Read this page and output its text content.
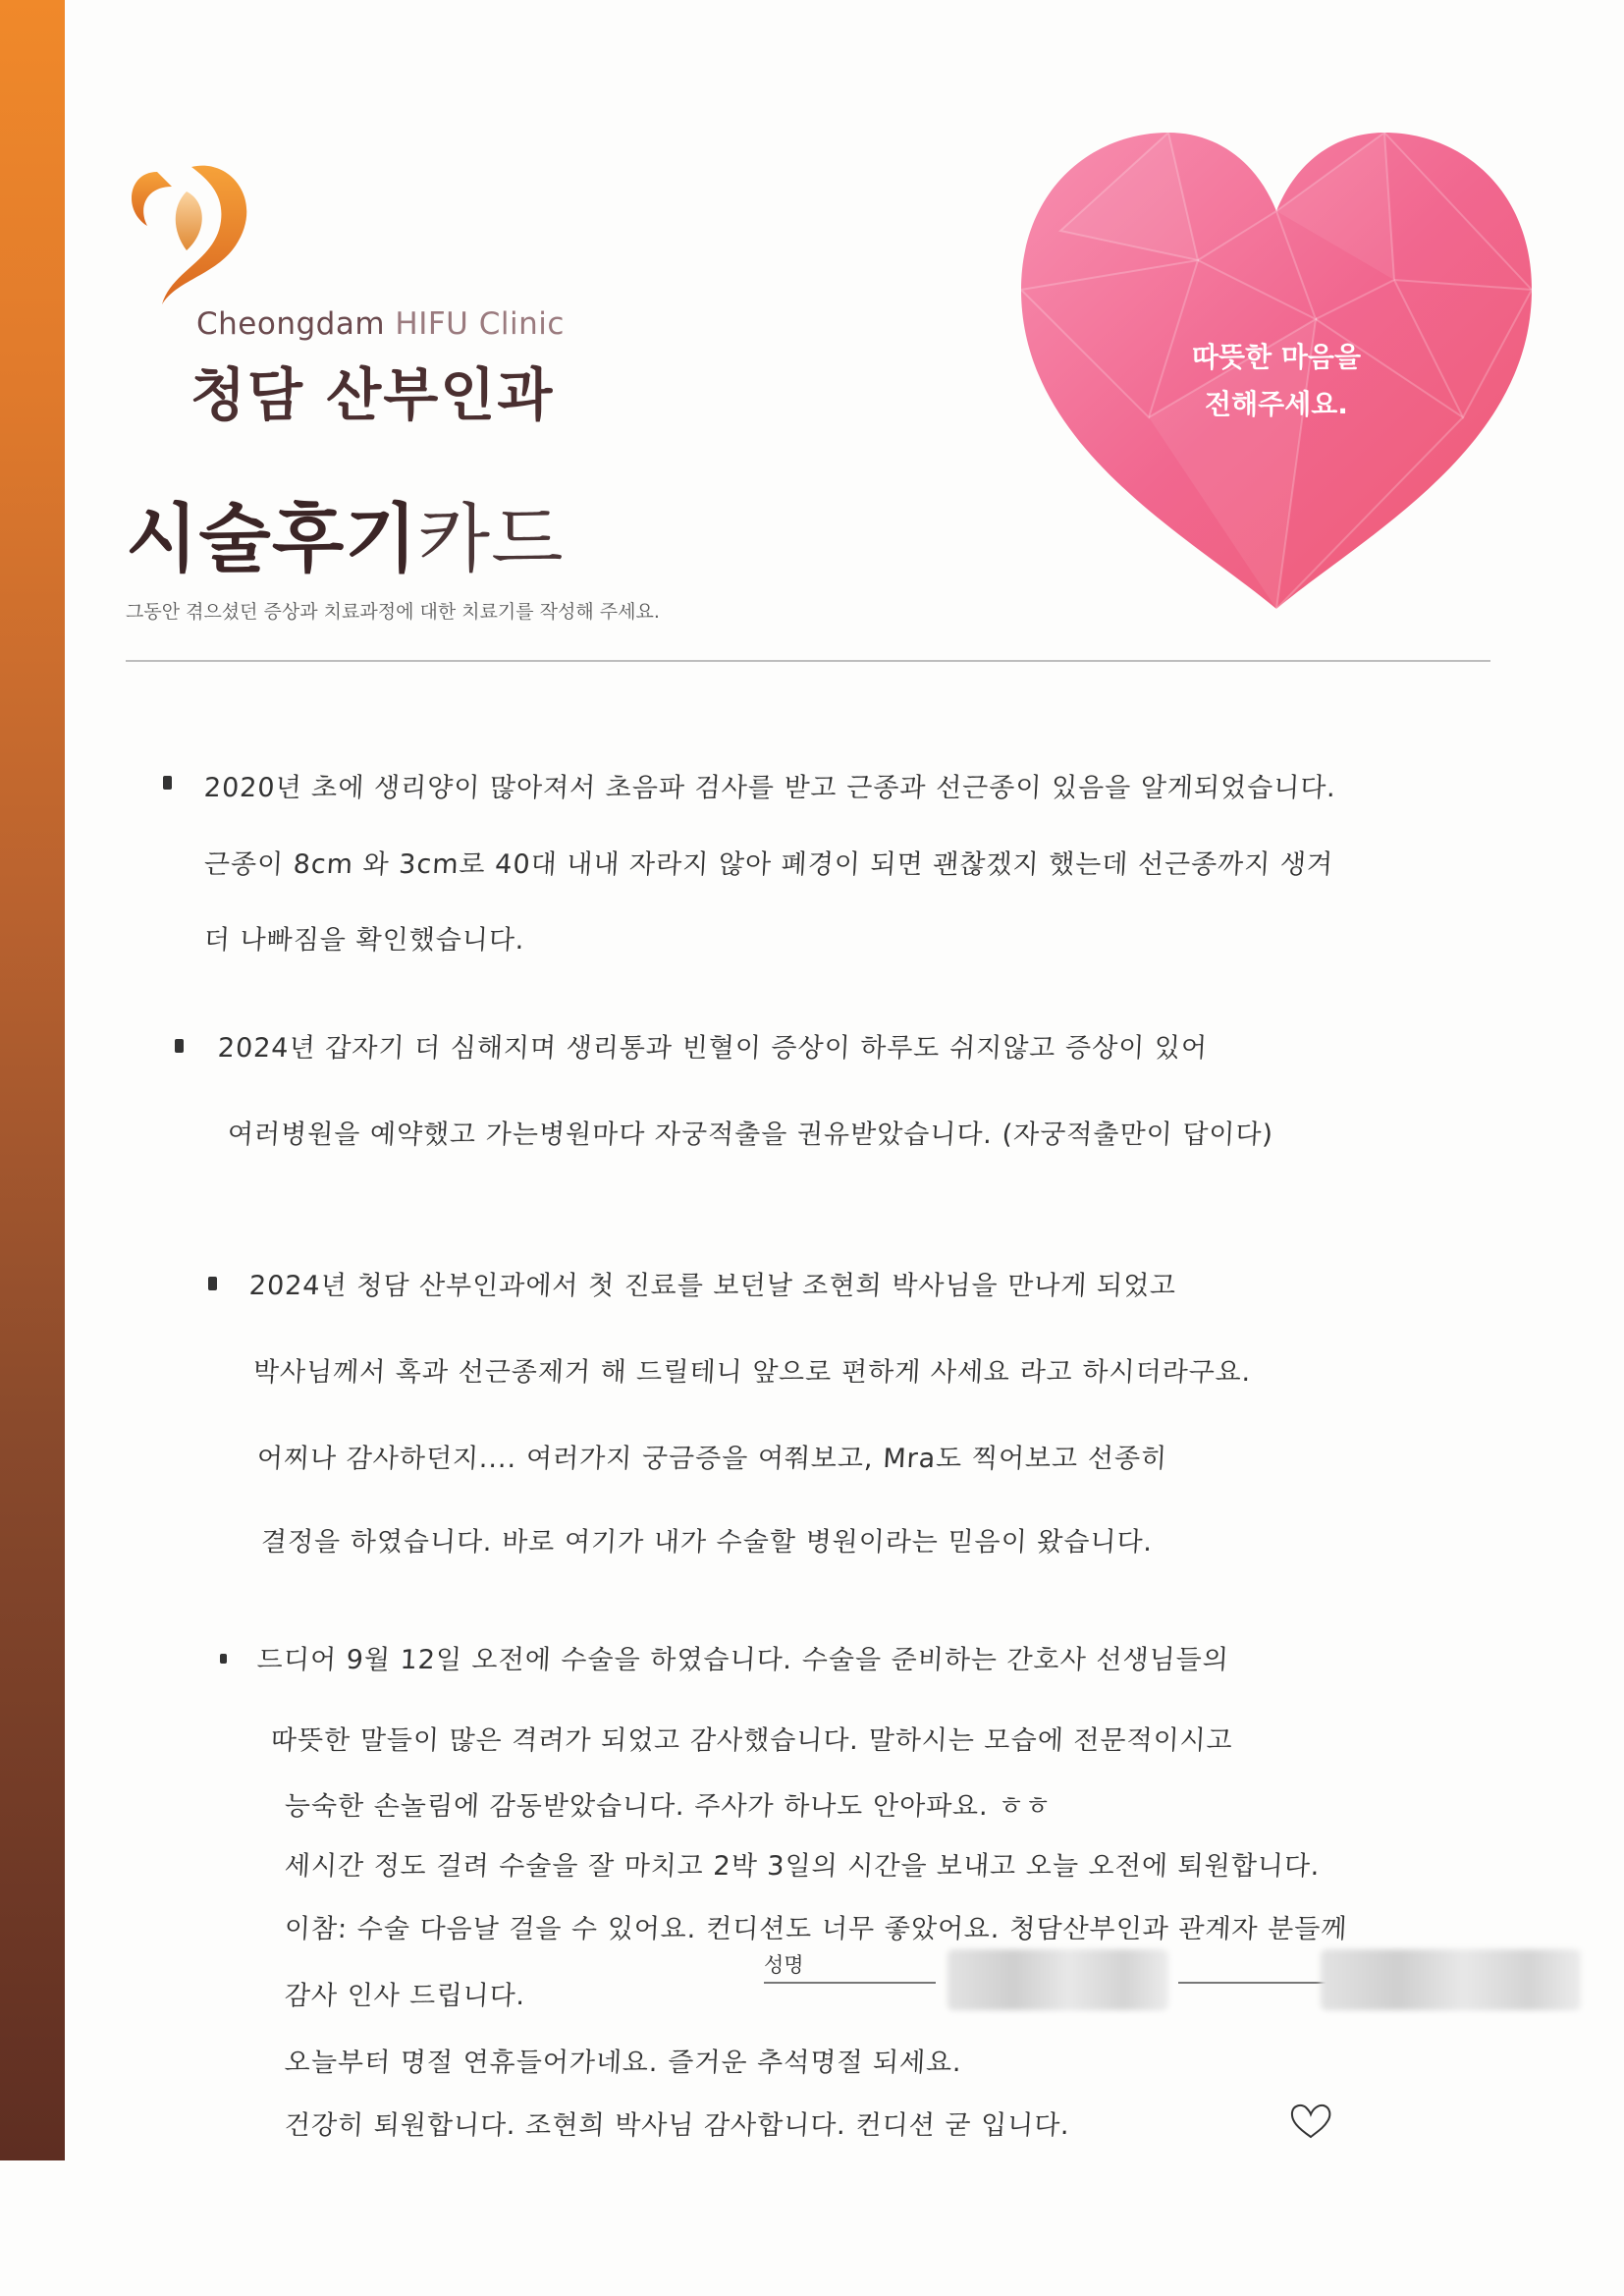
Cheongdam HIFU Clinic
청담 산부인과
시술후기카드
그동안 겪으셨던 증상과 치료과정에 대한 치료기를 작성해 주세요.
따뜻한 마음을
전해주세요.
2020년 초에 생리양이 많아져서 초음파 검사를 받고 근종과 선근종이 있음을 알게되었습니다.
근종이 8cm 와 3cm로 40대 내내 자라지 않아 폐경이 되면 괜찮겠지 했는데 선근종까지 생겨
더 나빠짐을 확인했습니다.
2024년 갑자기 더 심해지며 생리통과 빈혈이 증상이 하루도 쉬지않고 증상이 있어
여러병원을 예약했고 가는병원마다 자궁적출을 권유받았습니다. (자궁적출만이 답이다)
2024년 청담 산부인과에서 첫 진료를 보던날 조현희 박사님을 만나게 되었고
박사님께서 혹과 선근종제거 해 드릴테니 앞으로 편하게 사세요 라고 하시더라구요.
어찌나 감사하던지.... 여러가지 궁금증을 여쭤보고, Mra도 찍어보고 선종히
결정을 하였습니다. 바로 여기가 내가 수술할 병원이라는 믿음이 왔습니다.
드디어 9월 12일 오전에 수술을 하였습니다. 수술을 준비하는 간호사 선생님들의
따뜻한 말들이 많은 격려가 되었고 감사했습니다. 말하시는 모습에 전문적이시고
능숙한 손놀림에 감동받았습니다. 주사가 하나도 안아파요. ㅎㅎ
세시간 정도 걸려 수술을 잘 마치고 2박 3일의 시간을 보내고 오늘 오전에 퇴원합니다.
이참: 수술 다음날 걸을 수 있어요. 컨디션도 너무 좋았어요. 청담산부인과 관계자 분들께
감사 인사 드립니다.
오늘부터 명절 연휴들어가네요. 즐거운 추석명절 되세요.
건강히 퇴원합니다. 조현희 박사님 감사합니다. 컨디션 굳 입니다.
성명
